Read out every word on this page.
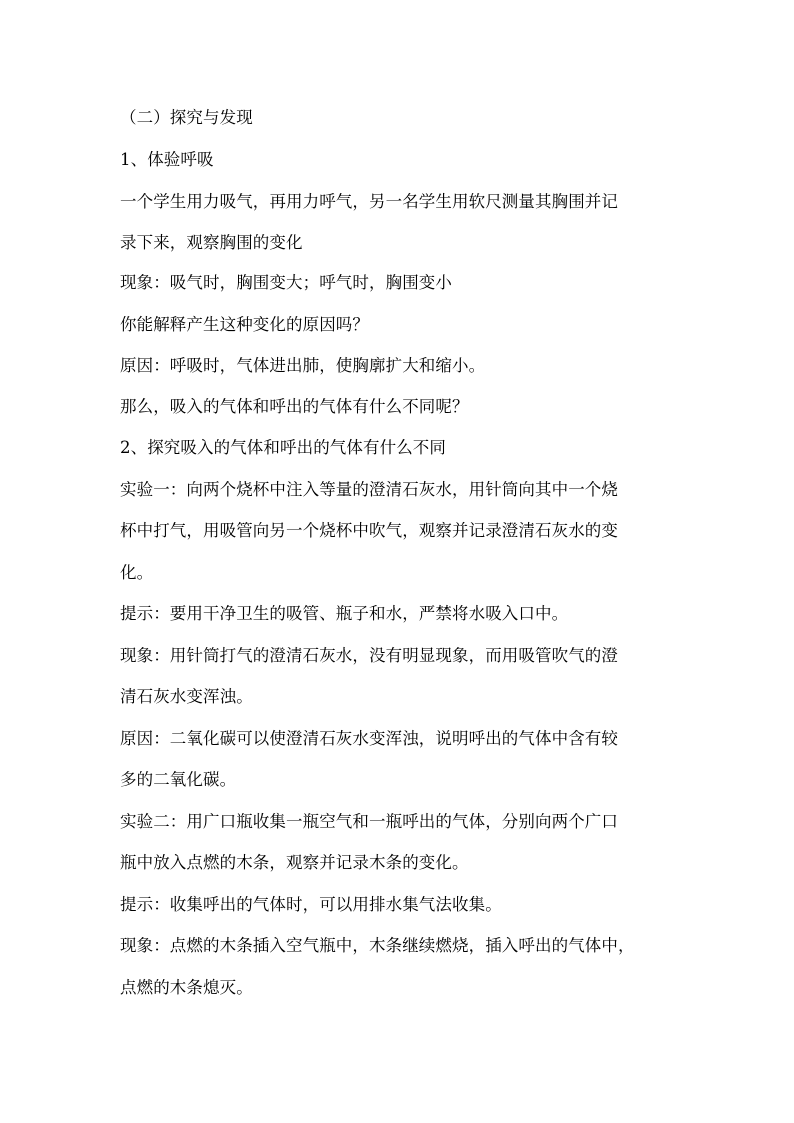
（二）探究与发现
1、体验呼吸
一个学生用力吸气，再用力呼气，另一名学生用软尺测量其胸围并记
录下来，观察胸围的变化
现象：吸气时，胸围变大；呼气时，胸围变小
你能解释产生这种变化的原因吗？
原因：呼吸时，气体进出肺，使胸廓扩大和缩小。
那么，吸入的气体和呼出的气体有什么不同呢？
2、探究吸入的气体和呼出的气体有什么不同
实验一：向两个烧杯中注入等量的澄清石灰水，用针筒向其中一个烧
杯中打气，用吸管向另一个烧杯中吹气，观察并记录澄清石灰水的变
化。
提示：要用干净卫生的吸管、瓶子和水，严禁将水吸入口中。
现象：用针筒打气的澄清石灰水，没有明显现象，而用吸管吹气的澄
清石灰水变浑浊。
原因：二氧化碳可以使澄清石灰水变浑浊，说明呼出的气体中含有较
多的二氧化碳。
实验二：用广口瓶收集一瓶空气和一瓶呼出的气体，分别向两个广口
瓶中放入点燃的木条，观察并记录木条的变化。
提示：收集呼出的气体时，可以用排水集气法收集。
现象：点燃的木条插入空气瓶中，木条继续燃烧，插入呼出的气体中，
点燃的木条熄灭。
